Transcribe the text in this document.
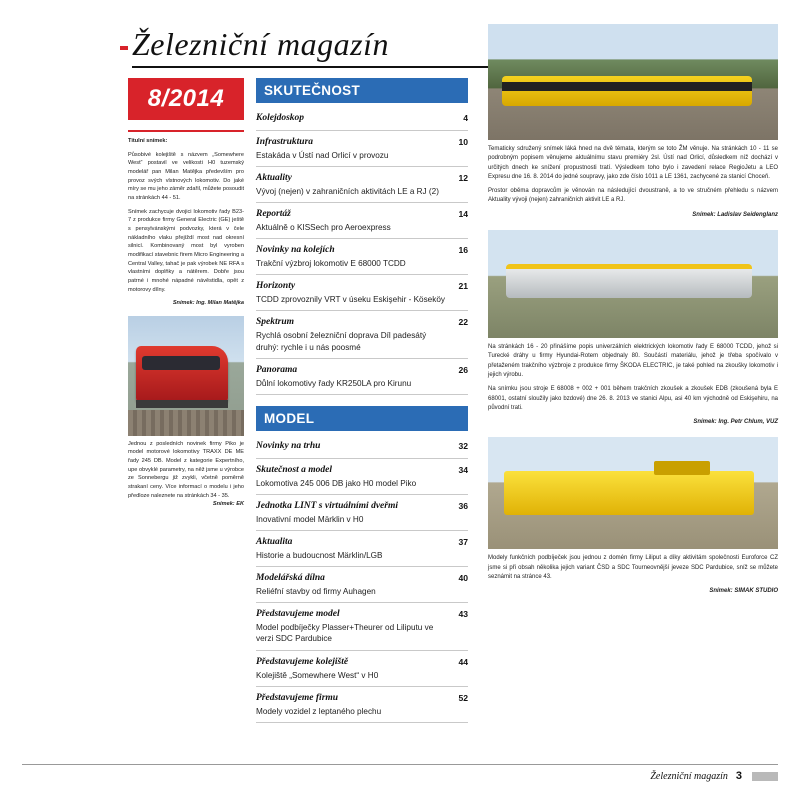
Železniční magazín
8/2014

Titulní snímek:

Působivé kolejiště s názvem „Somewhere West“ postavil ve velikosti H0 tuzemský modelář pan Milan Matějka především pro provoz svých vlstnových lokomotiv. Do jaké míry se mu jeho záměr zdařil, můžete posoudit na stránkách 44 - 51.

Snímek zachycuje dvojici lokomotiv řady B23-7 z produkce firmy General Electric (GE) ještě s pensylvánskými podvozky, která v čele nákladního vlaku přejíždí most nad okresní silnicí. Kombinovaný most byl vyroben modifikací stavebnic firem Micro Engineering a Central Valley, tahač je pak výrobek NE RFA s vlastními doplňky a nátěrem. Dobře jsou patrné i mnohé nápadné návěstidla, opět z motorovy dílny.

Snímek: Ing. Milan Matějka
Jednou z posledních novinek firmy Piko je model motorové lokomotivy TRAXX DE ME řady 245 DB. Model z kategorie Expertního, upe obvyklé parametry, na něž jsme u výrobce ze Sonnebergu již zvykli, včetně poměrně strakaní ceny. Více informací o modelu i jeho předloze naleznete na stránkách 34 - 35.
Snímek: EK
SKUTEČNOST
Kolejdoskop	4
Infrastruktura
Estakáda v Ústí nad Orlicí v provozu
10
Aktuality
Vývoj (nejen) v zahraničních aktivitách LE a RJ (2)
12
Reportáž
Aktuálně o KISSech pro Aeroexpress
14
Novinky na kolejích
Trakční výzbroj lokomotiv E 68000 TCDD
16
Horizonty
TCDD zprovoznily VRT v úseku Eskişehir - Köseköy
21
Spektrum
Rychlá osobní železniční doprava Díl padesátý druhý: rychle i u nás poosmé
22
Panorama
Důlní lokomotivy řady KR250LA pro Kirunu
26
MODEL
Novinky na trhu	32
Skutečnost a model
Lokomotiva 245 006 DB jako H0 model Piko
34
Jednotka LINT s virtuálními dveřmi
Inovativní model Märklin v H0
36
Aktualita
Historie a budoucnost Märklin/LGB
37
Modelářská dílna
Reliéfní stavby od firmy Auhagen
40
Představujeme model
Model podbíječky Plasser+Theurer od Liliputu ve verzi SDC Pardubice
43
Představujeme kolejiště
Kolejiště „Somewhere West“ v H0
44
Představujeme firmu
Modely vozidel z leptaného plechu
52

Tematicky sdružený snímek láká hned na dvě témata, kterým se toto ŽM věnuje. Na stránkách 10 - 11 se podrobným popisem věnujeme aktuálnímu stavu premiéry 2sl. Ústí nad Orlicí, důsledkem níž dochází v určitých dnech ke snížení propustnosti tratí. Výsledkem toho bylo i zavedení relace RegioJetu a LEO Expresu dne 16. 8. 2014 do jedné soupravy, jako zde číslo 1011 a LE 1361, zachycené za stanicí Choceň.

Prostor oběma dopravcům je věnován na následující dvoustraně, a to ve stručném přehledu s názvem Aktuality vývoji (nejen) zahraničních aktivit LE a RJ.

Snímek: Ladislav Seidenglanz

Na stránkách 16 - 20 přinášíme popis univerzálních elektrických lokomotiv řady E 68000 TCDD, jehož si Turecké dráhy u firmy Hyundai-Rotem objednaly 80. Součástí materiálu, jehož je třeba spočívalo v přetaženém trakčního výzbroje z produkce firmy ŠKODA ELECTRIC, je také pohled na zkoušky lokomotiv i jejich výrobu.

Na snímku jsou stroje E 68008 + 002 + 001 během trakčních zkoušek a zkoušek EDB (zkoušená byla E 68001, ostatní sloužily jako bzdové) dne 26. 8. 2013 ve stanici Alpu, asi 40 km východně od Eskişehiru, na původní trati.

Snímek: Ing. Petr Chlum, VUZ

Modely funkčních podbíječek jsou jednou z domén firmy Liliput a díky aktivitám společnosti Euroforce CZ jsme si při obsah několika jejich variant ČSD a SDC Tourneovnější jeveze SDC Pardubice, sníž se můžete seznámit na stránce 43.

Snímek: SIMAK STUDIO
Železniční magazín 3
